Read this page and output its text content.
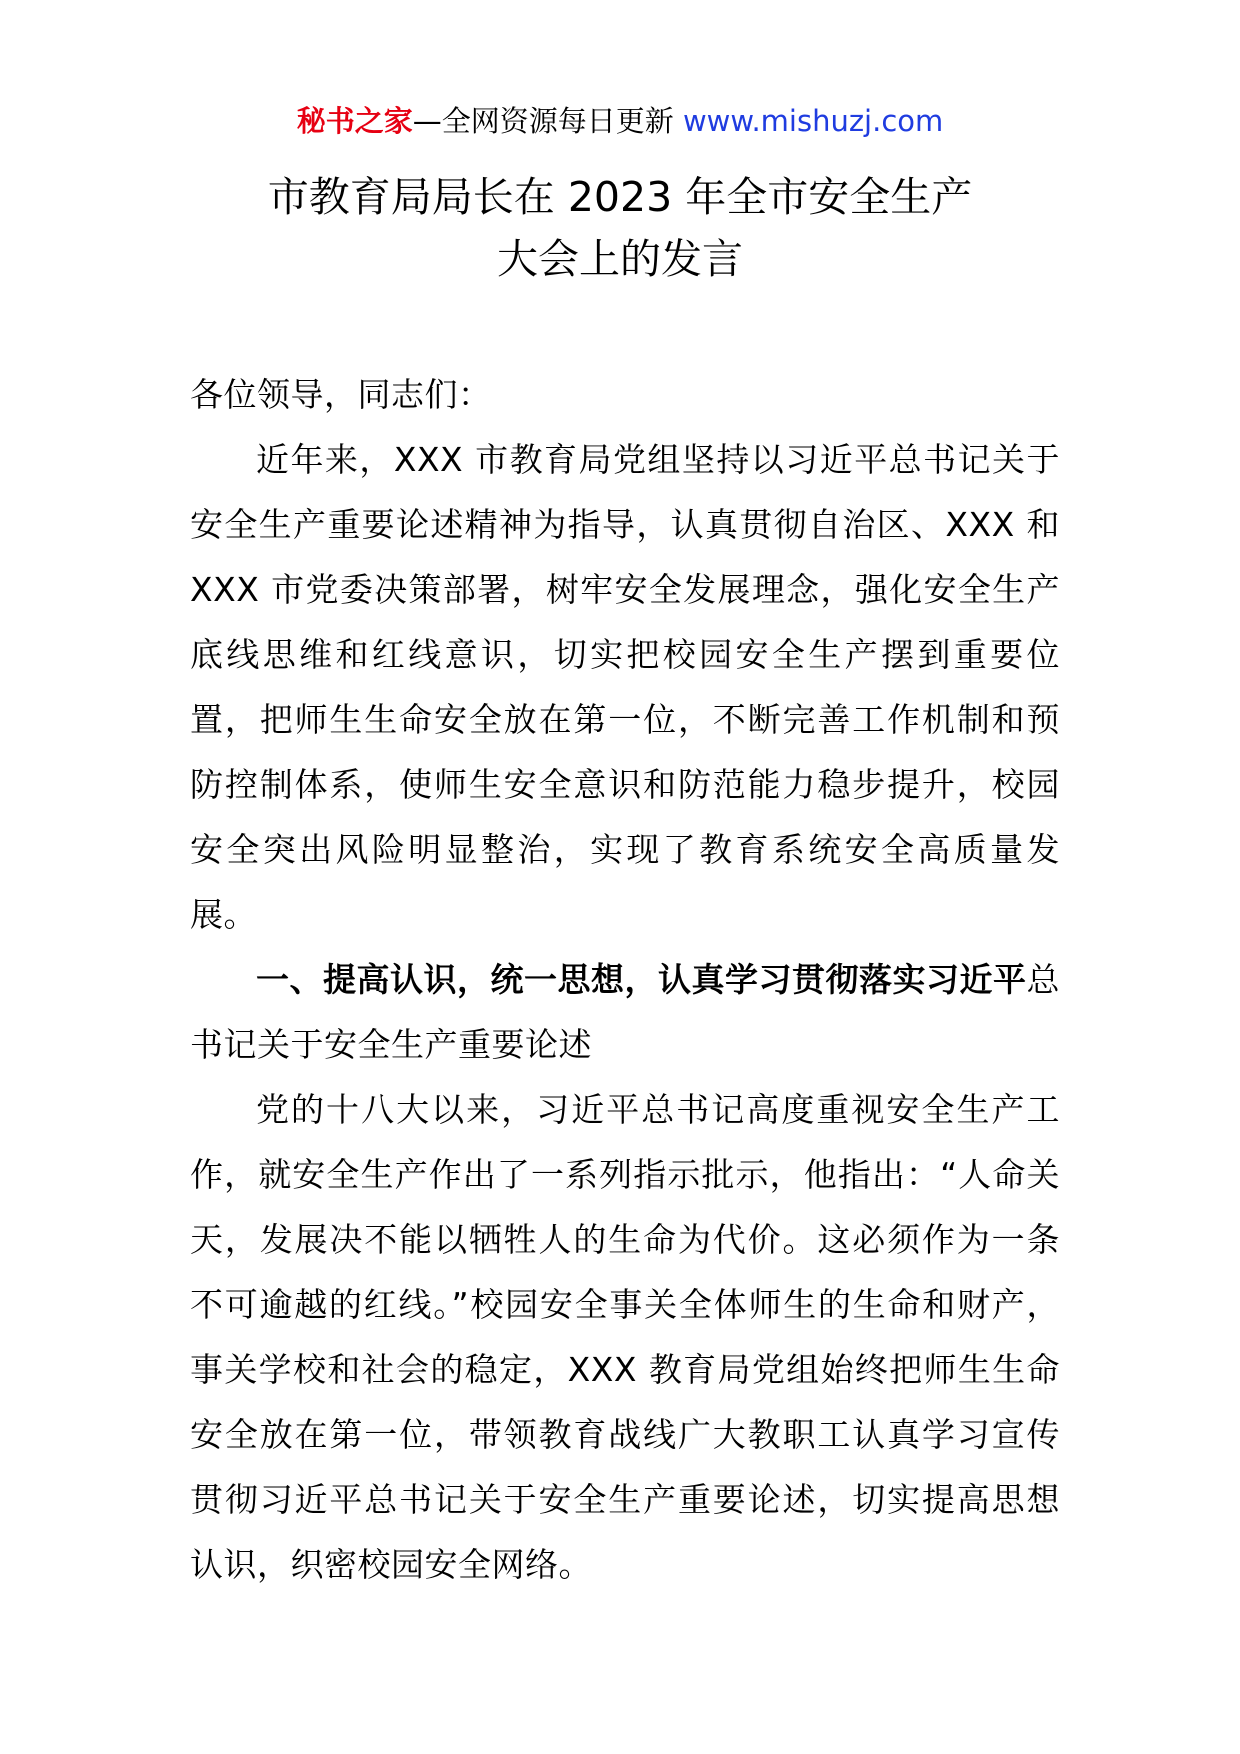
秘书之家—全网资源每日更新 www.mishuzj.com
市教育局局长在 2023 年全市安全生产
大会上的发言

各位领导，同志们：

近年来，XXX 市教育局党组坚持以习近平总书记关于安全生产重要论述精神为指导，认真贯彻自治区、XXX 和 XXX 市党委决策部署，树牢安全发展理念，强化安全生产底线思维和红线意识，切实把校园安全生产摆到重要位置，把师生生命安全放在第一位，不断完善工作机制和预防控制体系，使师生安全意识和防范能力稳步提升，校园安全突出风险明显整治，实现了教育系统安全高质量发展。

一、提高认识，统一思想，认真学习贯彻落实习近平总书记关于安全生产重要论述

党的十八大以来，习近平总书记高度重视安全生产工作，就安全生产作出了一系列指示批示，他指出：“人命关天，发展决不能以牺牲人的生命为代价。这必须作为一条不可逾越的红线。”校园安全事关全体师生的生命和财产，事关学校和社会的稳定，XXX 教育局党组始终把师生生命安全放在第一位，带领教育战线广大教职工认真学习宣传贯彻习近平总书记关于安全生产重要论述，切实提高思想认识，织密校园安全网络。
